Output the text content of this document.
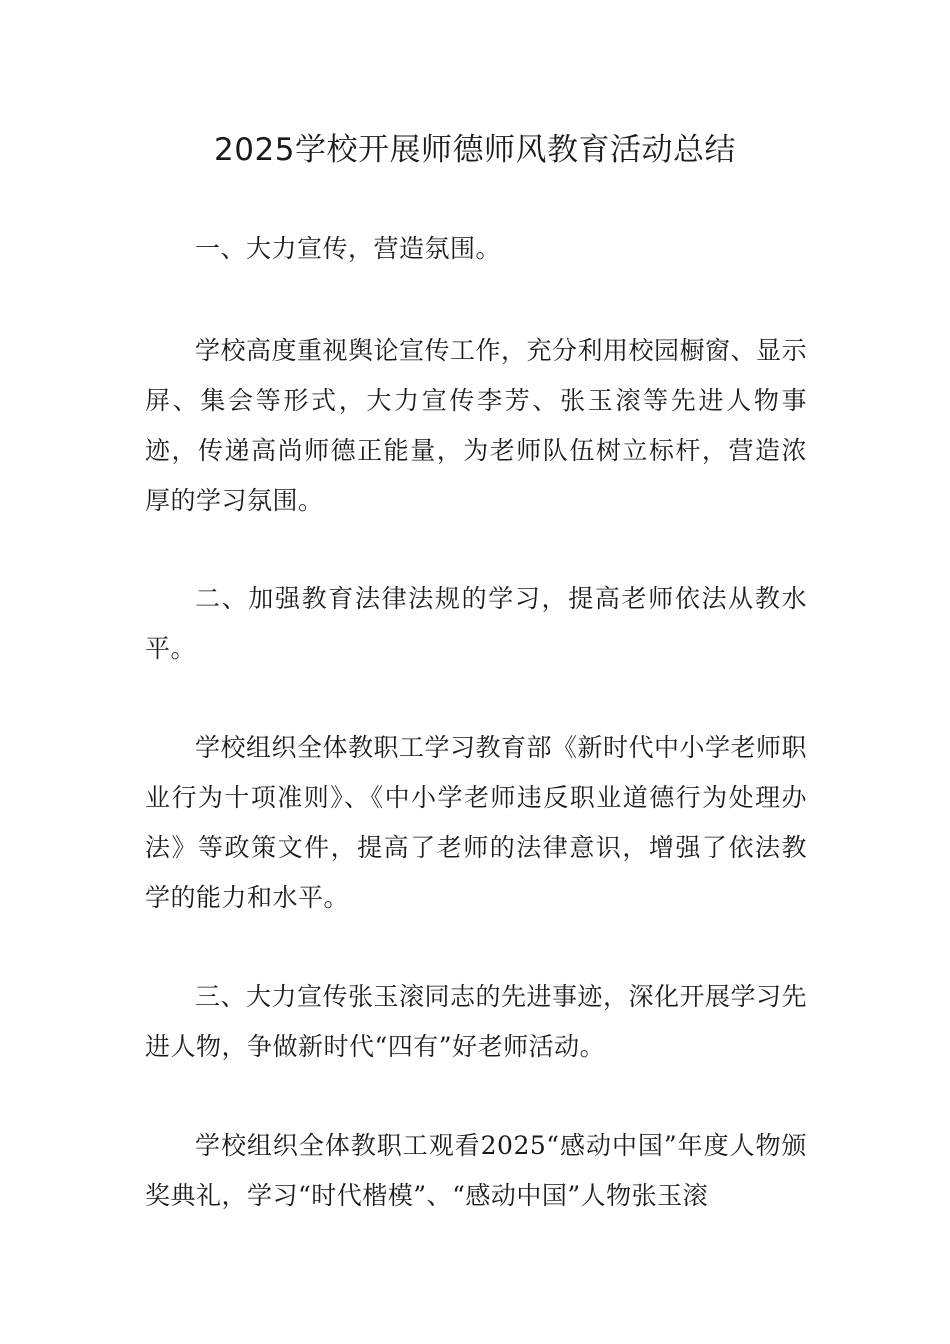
2025学校开展师德师风教育活动总结

一、大力宣传，营造氛围。

学校高度重视舆论宣传工作，充分利用校园橱窗、显示屏、集会等形式，大力宣传李芳、张玉滚等先进人物事迹，传递高尚师德正能量，为老师队伍树立标杆，营造浓厚的学习氛围。

二、加强教育法律法规的学习，提高老师依法从教水平。

学校组织全体教职工学习教育部《新时代中小学老师职业行为十项准则》、《中小学老师违反职业道德行为处理办法》等政策文件，提高了老师的法律意识，增强了依法教学的能力和水平。

三、大力宣传张玉滚同志的先进事迹，深化开展学习先进人物，争做新时代“四有”好老师活动。

学校组织全体教职工观看2025“感动中国”年度人物颁奖典礼，学习“时代楷模”、“感动中国”人物张玉滚
